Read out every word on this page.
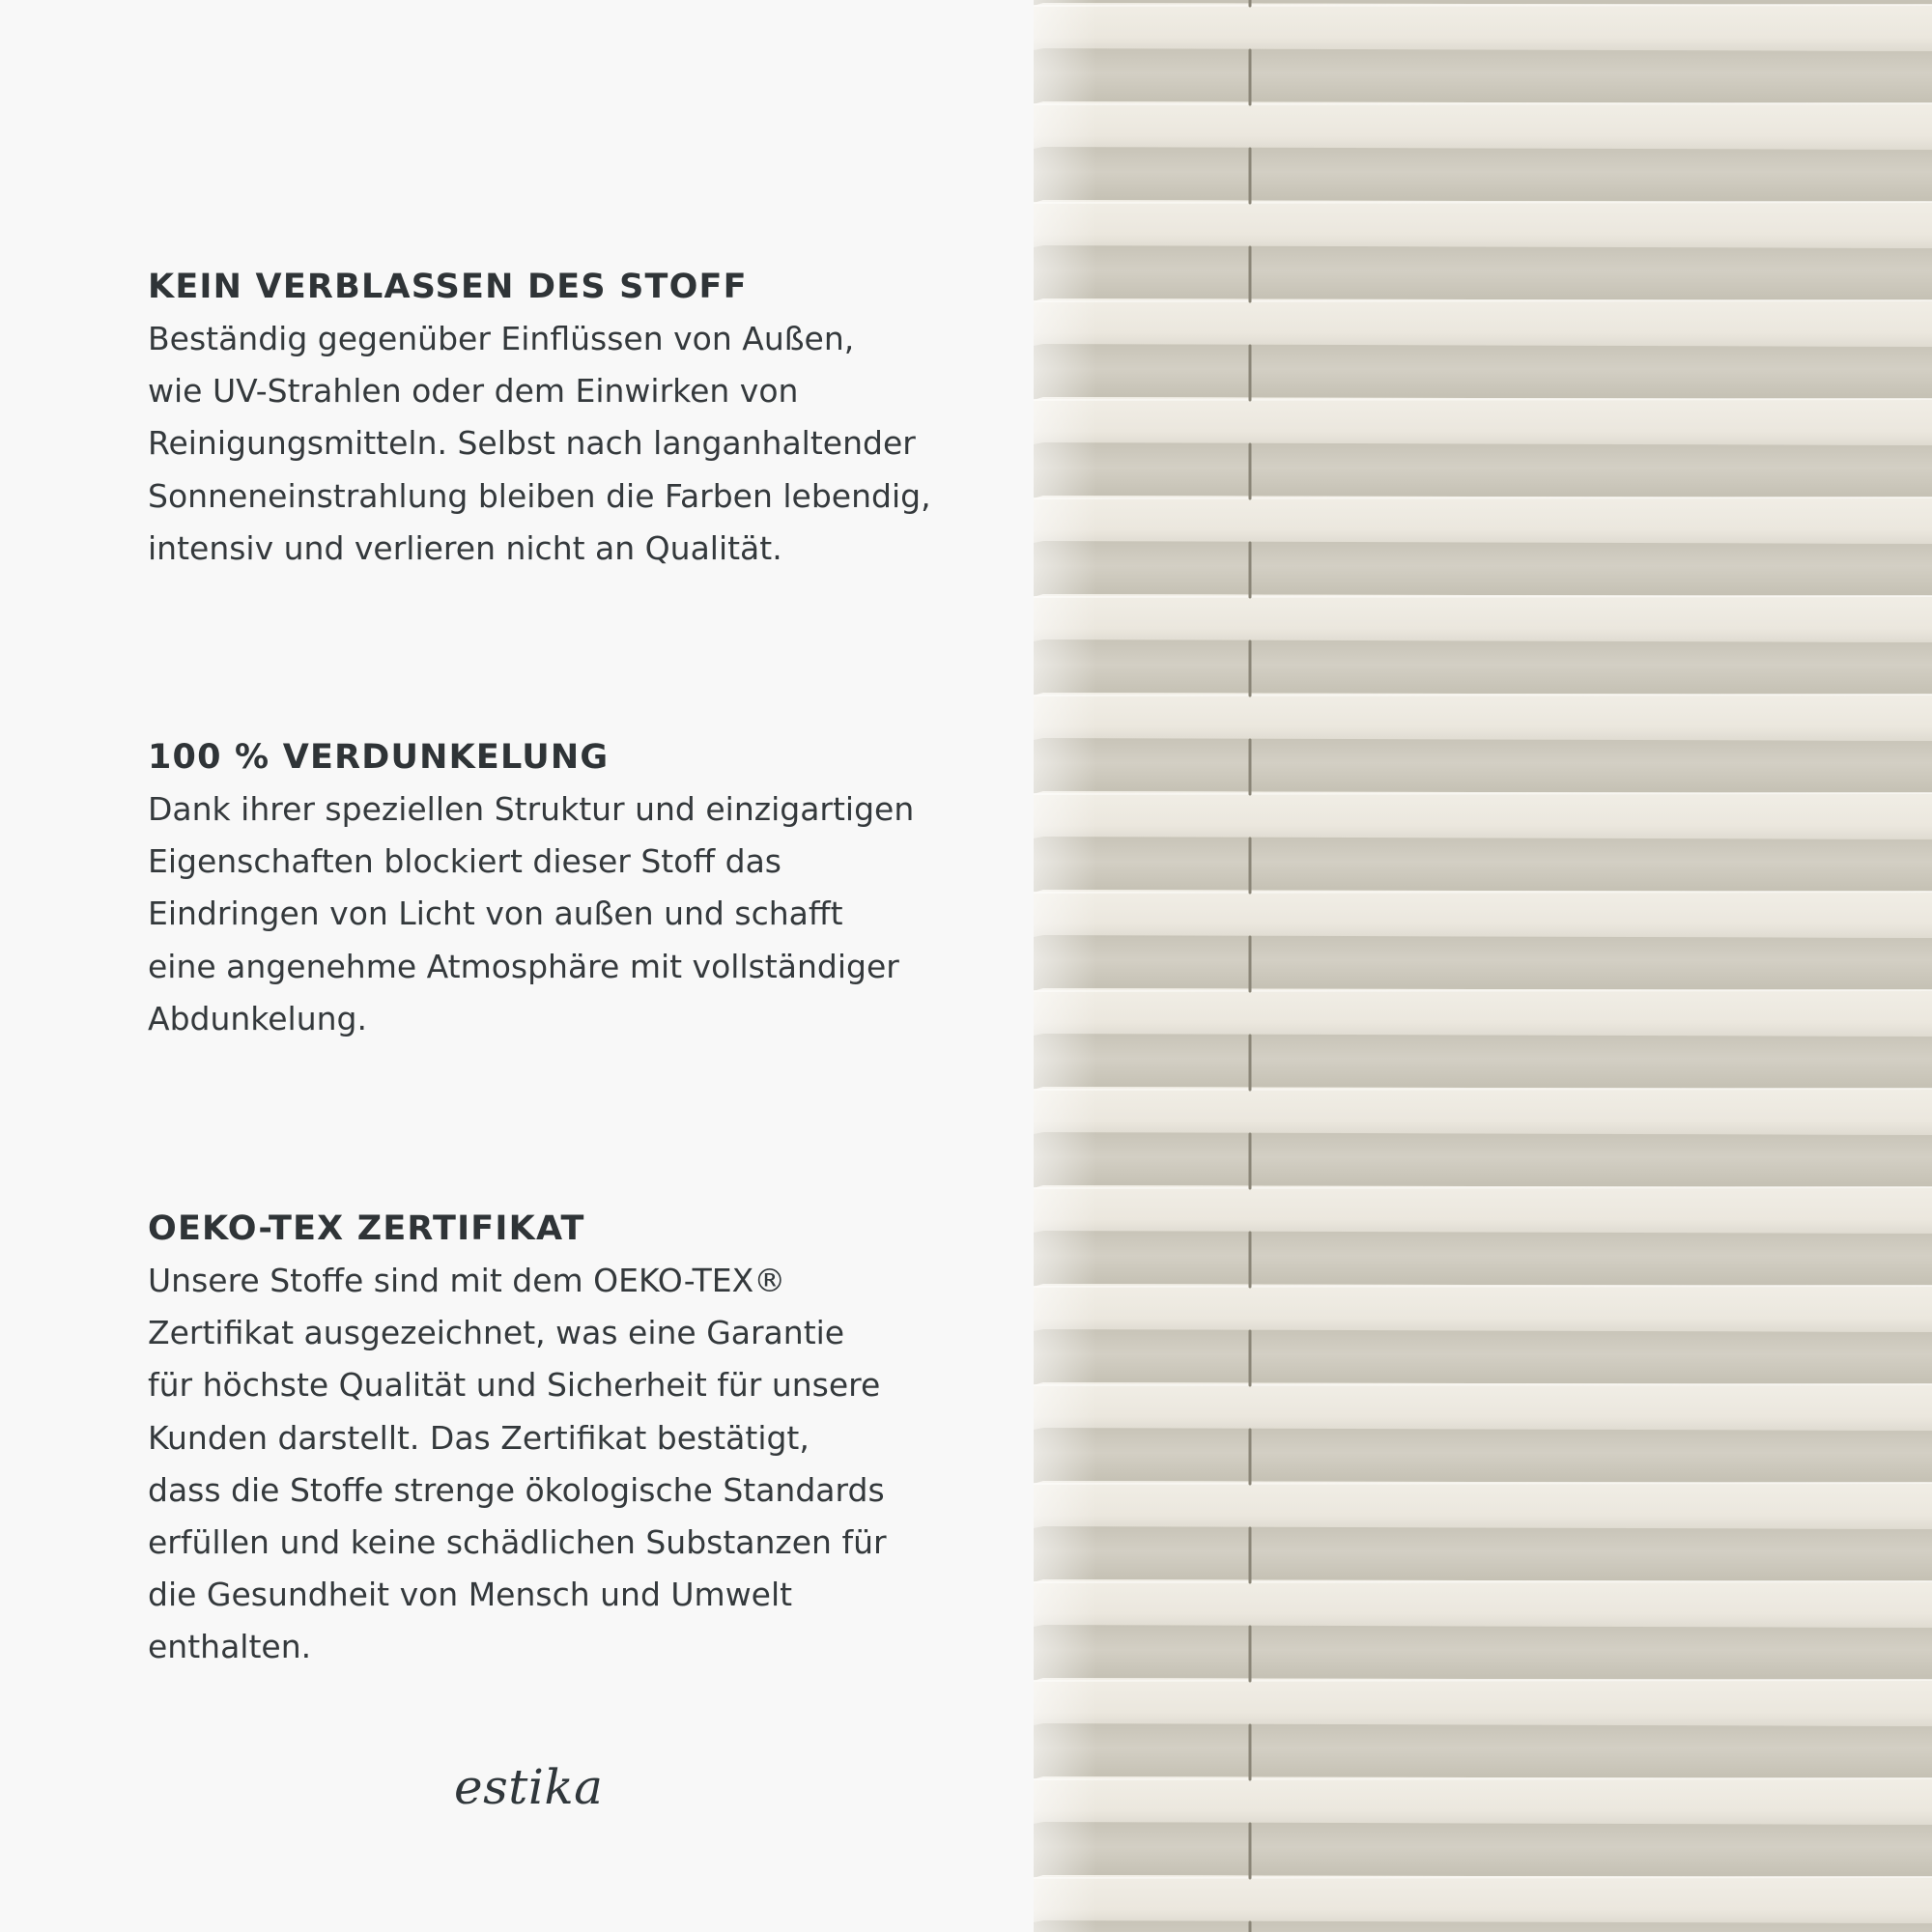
KEIN VERBLASSEN DES STOFF

Beständig gegenüber Einflüssen von Außen,
wie UV-Strahlen oder dem Einwirken von
Reinigungsmitteln. Selbst nach langanhaltender
Sonneneinstrahlung bleiben die Farben lebendig,
intensiv und verlieren nicht an Qualität.

100 % VERDUNKELUNG

Dank ihrer speziellen Struktur und einzigartigen
Eigenschaften blockiert dieser Stoff das
Eindringen von Licht von außen und schafft
eine angenehme Atmosphäre mit vollständiger
Abdunkelung.

OEKO-TEX ZERTIFIKAT

Unsere Stoffe sind mit dem OEKO-TEX®
Zertifikat ausgezeichnet, was eine Garantie
für höchste Qualität und Sicherheit für unsere
Kunden darstellt. Das Zertifikat bestätigt,
dass die Stoffe strenge ökologische Standards
erfüllen und keine schädlichen Substanzen für
die Gesundheit von Mensch und Umwelt
enthalten.

estika
